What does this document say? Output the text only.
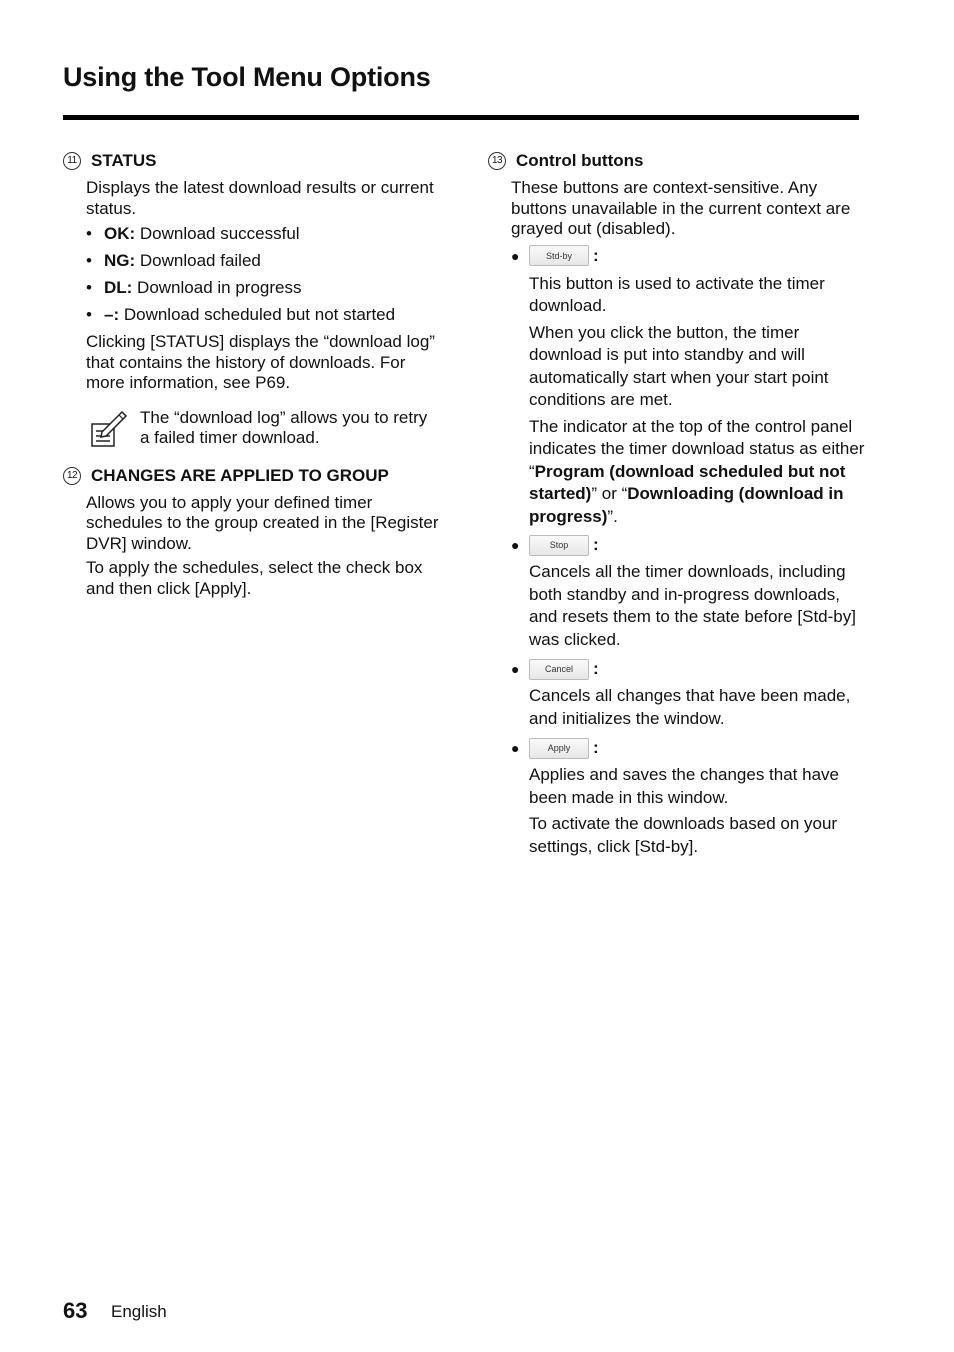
Using the Tool Menu Options
11 STATUS

Displays the latest download results or current status.

• OK: Download successful
• NG: Download failed
• DL: Download in progress
• –: Download scheduled but not started

Clicking [STATUS] displays the “download log” that contains the history of downloads. For more information, see P69.

The “download log” allows you to retry a failed timer download.

12 CHANGES ARE APPLIED TO GROUP

Allows you to apply your defined timer schedules to the group created in the [Register DVR] window.

To apply the schedules, select the check box and then click [Apply].

13 Control buttons

These buttons are context-sensitive. Any buttons unavailable in the current context are grayed out (disabled).

●	Std-by	:

This button is used to activate the timer download.

When you click the button, the timer download is put into standby and will automatically start when your start point conditions are met.

The indicator at the top of the control panel indicates the timer download status as either “Program (download scheduled but not started)” or “Downloading (download in progress)”.

●	Stop	:

Cancels all the timer downloads, including both standby and in-progress downloads, and resets them to the state before [Std-by] was clicked.

●	Cancel	:

Cancels all changes that have been made, and initializes the window.

●	Apply	:

Applies and saves the changes that have been made in this window.

To activate the downloads based on your settings, click [Std-by].

63 English
